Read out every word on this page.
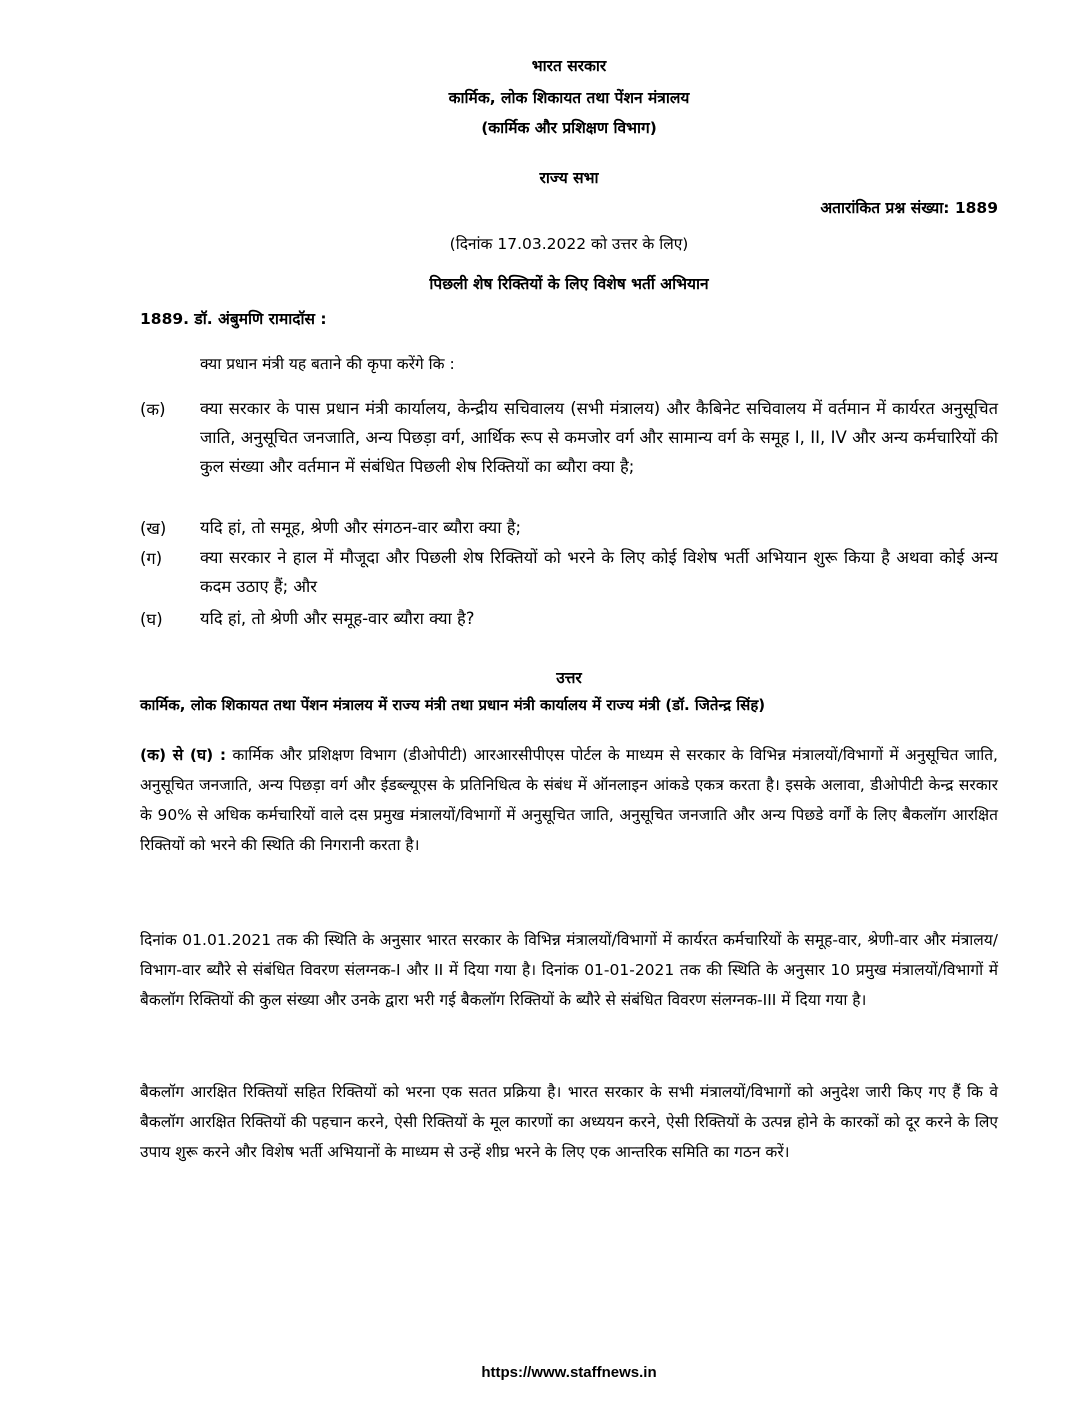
भारत सरकार
कार्मिक, लोक शिकायत तथा पेंशन मंत्रालय
(कार्मिक और प्रशिक्षण विभाग)
राज्य सभा
अतारांकित प्रश्न संख्या: 1889
(दिनांक 17.03.2022 को उत्तर के लिए)
पिछली शेष रिक्तियों के लिए विशेष भर्ती अभियान
1889. डॉ. अंबुमणि रामादॉस :
क्या प्रधान मंत्री यह बताने की कृपा करेंगे कि :
(क)	क्या सरकार के पास प्रधान मंत्री कार्यालय, केन्द्रीय सचिवालय (सभी मंत्रालय) और कैबिनेट सचिवालय में वर्तमान में कार्यरत अनुसूचित जाति, अनुसूचित जनजाति, अन्य पिछड़ा वर्ग, आर्थिक रूप से कमजोर वर्ग और सामान्य वर्ग के समूह I, II, IV और अन्य कर्मचारियों की कुल संख्या और वर्तमान में संबंधित पिछली शेष रिक्तियों का ब्यौरा क्या है;
(ख)	यदि हां, तो समूह, श्रेणी और संगठन-वार ब्यौरा क्या है;
(ग)	क्या सरकार ने हाल में मौजूदा और पिछली शेष रिक्तियों को भरने के लिए कोई विशेष भर्ती अभियान शुरू किया है अथवा कोई अन्य कदम उठाए हैं; और
(घ)	यदि हां, तो श्रेणी और समूह-वार ब्यौरा क्या है?
उत्तर
कार्मिक, लोक शिकायत तथा पेंशन मंत्रालय में राज्य मंत्री तथा प्रधान मंत्री कार्यालय में राज्य मंत्री (डॉ. जितेन्द्र सिंह)
(क) से (घ) : कार्मिक और प्रशिक्षण विभाग (डीओपीटी) आरआरसीपीएस पोर्टल के माध्यम से सरकार के विभिन्न मंत्रालयों/विभागों में अनुसूचित जाति, अनुसूचित जनजाति, अन्य पिछड़ा वर्ग और ईडब्ल्यूएस के प्रतिनिधित्व के संबंध में ऑनलाइन आंकडे एकत्र करता है। इसके अलावा, डीओपीटी केन्द्र सरकार के 90% से अधिक कर्मचारियों वाले दस प्रमुख मंत्रालयों/विभागों में अनुसूचित जाति, अनुसूचित जनजाति और अन्य पिछडे वर्गों के लिए बैकलॉग आरक्षित रिक्तियों को भरने की स्थिति की निगरानी करता है।
दिनांक 01.01.2021 तक की स्थिति के अनुसार भारत सरकार के विभिन्न मंत्रालयों/विभागों में कार्यरत कर्मचारियों के समूह-वार, श्रेणी-वार और मंत्रालय/विभाग-वार ब्यौरे से संबंधित विवरण संलग्नक-I और II में दिया गया है। दिनांक 01-01-2021 तक की स्थिति के अनुसार 10 प्रमुख मंत्रालयों/विभागों में बैकलॉग रिक्तियों की कुल संख्या और उनके द्वारा भरी गई बैकलॉग रिक्तियों के ब्यौरे से संबंधित विवरण संलग्नक-III में दिया गया है।
बैकलॉग आरक्षित रिक्तियों सहित रिक्तियों को भरना एक सतत प्रक्रिया है। भारत सरकार के सभी मंत्रालयों/विभागों को अनुदेश जारी किए गए हैं कि वे बैकलॉग आरक्षित रिक्तियों की पहचान करने, ऐसी रिक्तियों के मूल कारणों का अध्ययन करने, ऐसी रिक्तियों के उत्पन्न होने के कारकों को दूर करने के लिए उपाय शुरू करने और विशेष भर्ती अभियानों के माध्यम से उन्हें शीघ्र भरने के लिए एक आन्तरिक समिति का गठन करें।
https://www.staffnews.in
